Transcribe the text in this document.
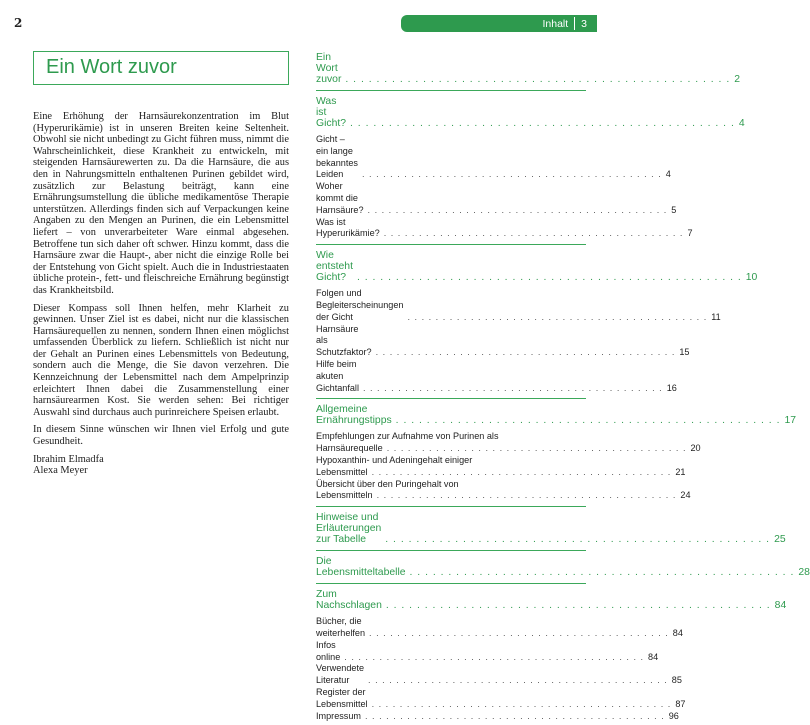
2
Ein Wort zuvor

Eine Erhöhung der Harnsäurekonzentration im Blut (Hyperurikämie) ist in unseren Breiten keine Seltenheit. Obwohl sie nicht unbedingt zu Gicht führen muss, nimmt die Wahrscheinlichkeit, diese Krankheit zu entwickeln, mit steigenden Harnsäurewerten zu. Da die Harnsäure, die aus den in Nahrungsmitteln enthaltenen Purinen gebildet wird, zusätzlich zur Belastung beiträgt, kann eine Ernährungsumstellung die übliche medikamentöse Therapie unterstützen. Allerdings finden sich auf Verpackungen keine Angaben zu den Mengen an Purinen, die ein Lebensmittel liefert – von unverarbeiteter Ware einmal abgesehen. Betroffene tun sich daher oft schwer. Hinzu kommt, dass die Harnsäure zwar die Haupt-, aber nicht die einzige Rolle bei der Entstehung von Gicht spielt. Auch die in Industriestaaten übliche protein-, fett- und fleischreiche Ernährung begünstigt das Krankheitsbild.

Dieser Kompass soll Ihnen helfen, mehr Klarheit zu gewinnen. Unser Ziel ist es dabei, nicht nur die klassischen Harnsäurequellen zu nennen, sondern Ihnen einen möglichst umfassenden Überblick zu liefern. Schließlich ist nicht nur der Gehalt an Purinen eines Lebensmittels von Bedeutung, sondern auch die Menge, die Sie davon verzehren. Die Kennzeichnung der Lebensmittel nach dem Ampelprinzip erleichtert Ihnen dabei die Zusammenstellung einer harnsäurearmen Kost. Sie werden sehen: Bei richtiger Auswahl sind durchaus auch purinreichere Speisen erlaubt.

In diesem Sinne wünschen wir Ihnen viel Erfolg und gute Gesundheit.

Ibrahim Elmadfa
Alexa Meyer
Inhalt 3
Ein Wort zuvor . . . . . . . . . . . . . . . . . . . . . . . . . . . . . . . . . . . . . . . . . . . . . . . . . . 2
Was ist Gicht? . . . . . . . . . . . . . . . . . . . . . . . . . . . . . . . . . . . . . . . . . . . . . . . . . . 4
Gicht – ein lange bekanntes Leiden	. . . . . . . . . . . . . . . . . . . . . . . . . . . . . . . . . . . . . . . . . . . 4
Woher kommt die Harnsäure? . . . . . . . . . . . . . . . . . . . . . . . . . . . . . . . . . . . . . . . . . . . 5
Was ist Hyperurikämie? . . . . . . . . . . . . . . . . . . . . . . . . . . . . . . . . . . . . . . . . . . . 7
Wie entsteht Gicht?	. . . . . . . . . . . . . . . . . . . . . . . . . . . . . . . . . . . . . . . . . . . . . . . . . . 10
Folgen und Begleiterscheinungen der Gicht	. . . . . . . . . . . . . . . . . . . . . . . . . . . . . . . . . . . . . . . . . . . 11
Harnsäure als Schutzfaktor? . . . . . . . . . . . . . . . . . . . . . . . . . . . . . . . . . . . . . . . . . . . 15
Hilfe beim akuten Gichtanfall . . . . . . . . . . . . . . . . . . . . . . . . . . . . . . . . . . . . . . . . . . . 16
Allgemeine Ernährungstipps . . . . . . . . . . . . . . . . . . . . . . . . . . . . . . . . . . . . . . . . . . . . . . . . . . 17
Empfehlungen zur Aufnahme von Purinen als
Harnsäurequelle . . . . . . . . . . . . . . . . . . . . . . . . . . . . . . . . . . . . . . . . . . . 20
Hypoxanthin- und Adeningehalt einiger
Lebensmittel . . . . . . . . . . . . . . . . . . . . . . . . . . . . . . . . . . . . . . . . . . . 21
Übersicht über den Puringehalt von
Lebensmitteln . . . . . . . . . . . . . . . . . . . . . . . . . . . . . . . . . . . . . . . . . . . 24
Hinweise und Erläuterungen zur Tabelle	. . . . . . . . . . . . . . . . . . . . . . . . . . . . . . . . . . . . . . . . . . . . . . . . . . 25
Die Lebensmitteltabelle . . . . . . . . . . . . . . . . . . . . . . . . . . . . . . . . . . . . . . . . . . . . . . . . . . 28
Zum Nachschlagen . . . . . . . . . . . . . . . . . . . . . . . . . . . . . . . . . . . . . . . . . . . . . . . . . . 84
Bücher, die weiterhelfen . . . . . . . . . . . . . . . . . . . . . . . . . . . . . . . . . . . . . . . . . . . 84
Infos online . . . . . . . . . . . . . . . . . . . . . . . . . . . . . . . . . . . . . . . . . . . 84
Verwendete Literatur	. . . . . . . . . . . . . . . . . . . . . . . . . . . . . . . . . . . . . . . . . . . 85
Register der Lebensmittel . . . . . . . . . . . . . . . . . . . . . . . . . . . . . . . . . . . . . . . . . . . 87
Impressum . . . . . . . . . . . . . . . . . . . . . . . . . . . . . . . . . . . . . . . . . . . 96
